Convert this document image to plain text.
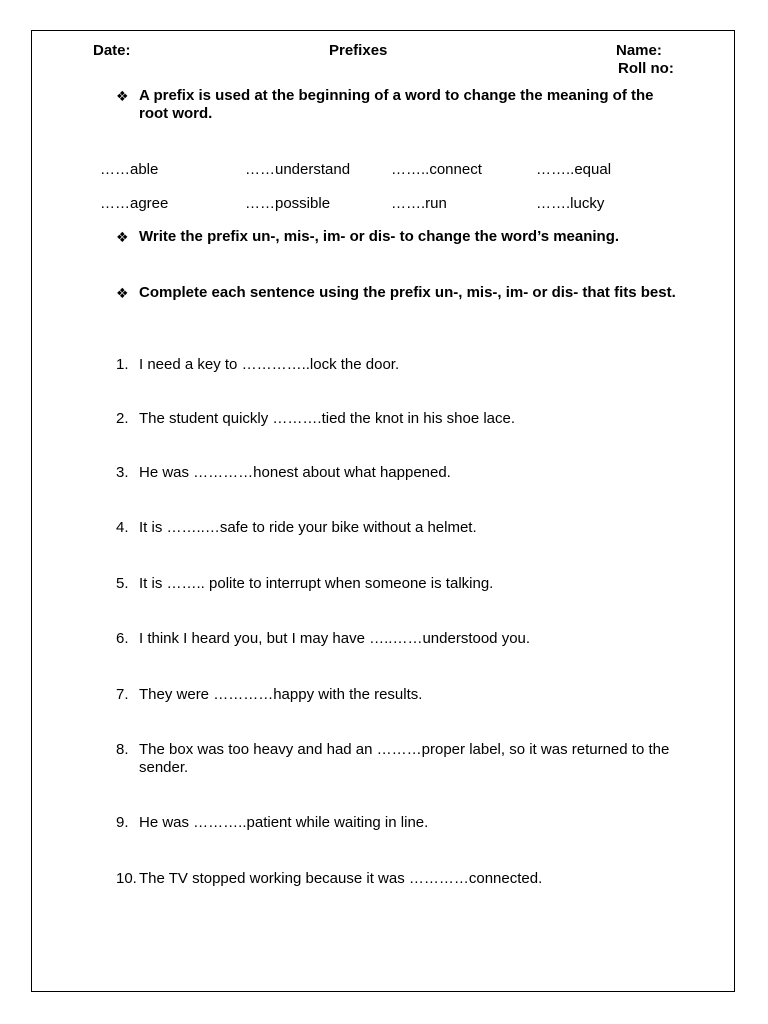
Date:	Prefixes	Name:
Roll no:
❖ A prefix is used at the beginning of a word to change the meaning of the root word.
……able	……understand	……..connect	……..equal
……agree	……possible	…….run	…….lucky
❖ Write the prefix un-, mis-, im- or dis- to change the word’s meaning.
❖ Complete each sentence using the prefix un-, mis-, im- or dis- that fits best.
1. I need a key to …………..lock the door.
2. The student quickly ……….tied the knot in his shoe lace.
3. He was …………honest about what happened.
4. It is ……..…safe to ride your bike without a helmet.
5. It is …….. polite to interrupt when someone is talking.
6. I think I heard you, but I may have …..……understood you.
7. They were …………happy with the results.
8. The box was too heavy and had an ………proper label, so it was returned to the sender.
9. He was ………..patient while waiting in line.
10. The TV stopped working because it was …………connected.
